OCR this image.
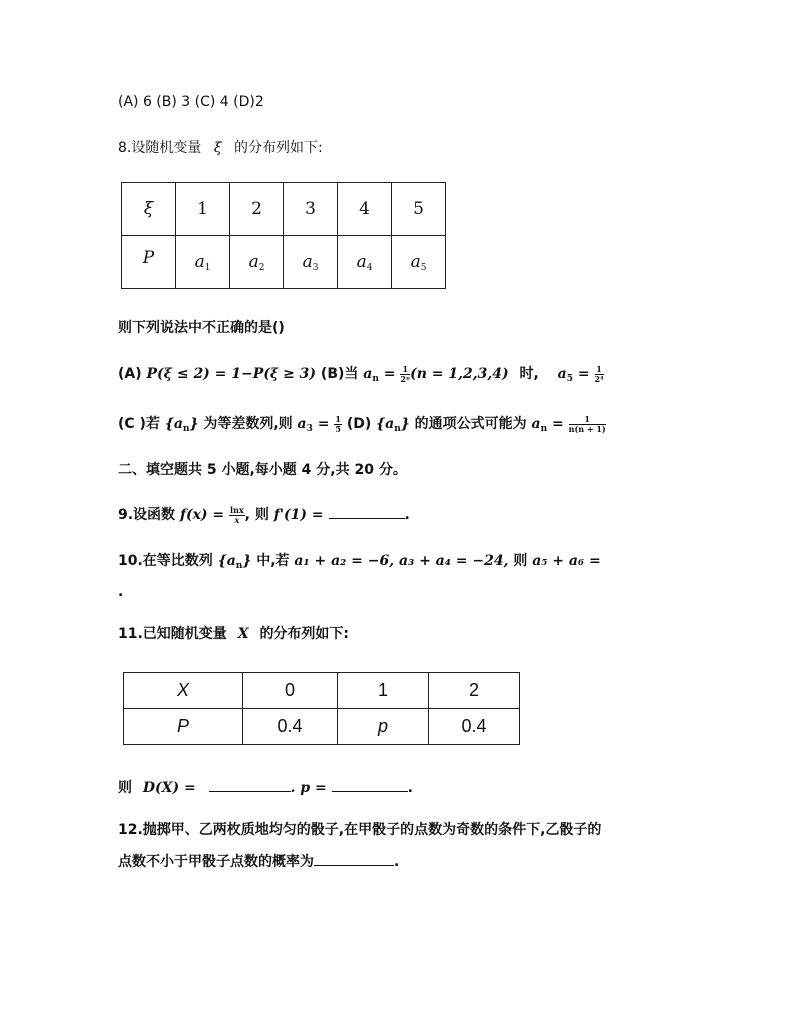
(A) 6 (B) 3 (C) 4 (D)2
8.设随机变量 ξ 的分布列如下:
ξ	1	2	3	4	5
P	$a_1$	$a_2$	$a_3$	$a_4$	$a_5$
则下列说法中不正确的是()
(A) P(ξ ≤ 2) = 1−P(ξ ≥ 3) (B)当 $a_n = \frac{1}{\text{2ⁿ}} (n = 1,2,3,4)$ 时, $a_5 = \frac{1}{\text{2⁴}}$
(C )若 $\{a_n\}$ 为等差数列,则 $a_3 = \frac{1}{5} (D)$ $\{a_n\}$ 的通项公式可能为 $a_n = \frac{1}{n(n + 1)}$
二、填空题共 5 小题,每小题 4 分,共 20 分。
9.设函数 $f(x) = \frac{\ln x}{x}$ , 则 f'(1) =	.
10.在等比数列 $\{a_n\}$ 中,若 a₁ + a₂ = −6, a₃ + a₄ = −24, 则 a₅ + a₆ =
.
11.已知随机变量 X 的分布列如下:
X	0	1	2
P	0.4	p	0.4
则 D(X) =	. p =	.
12.抛掷甲、乙两枚质地均匀的骰子,在甲骰子的点数为奇数的条件下,乙骰子的
点数不小于甲骰子点数的概率为	.
